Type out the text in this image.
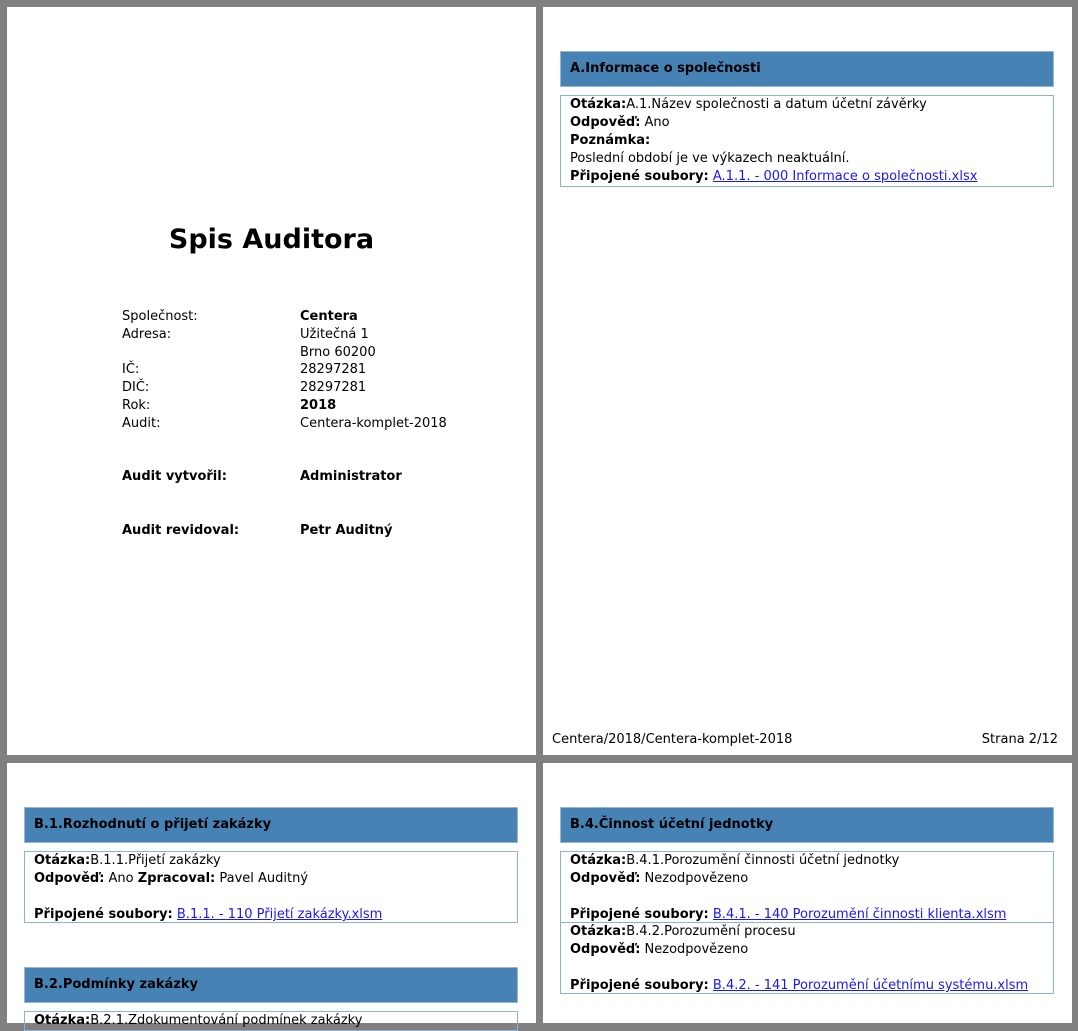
Spis Auditora
Společnost:	Centera
Adresa:	Užitečná 1
Brno 60200
IČ:	28297281
DIČ:	28297281
Rok:	2018
Audit:	Centera-komplet-2018
Audit vytvořil:	Administrator
Audit revidoval:	Petr Auditný
A.Informace o společnosti
Otázka:A.1.Název společnosti a datum účetní závěrky
Odpověď: Ano
Poznámka:
Poslední období je ve výkazech neaktuální.
Připojené soubory: A.1.1. - 000 Informace o společnosti.xlsx
Centera/2018/Centera-komplet-2018	Strana 2/12
B.1.Rozhodnutí o přijetí zakázky
Otázka:B.1.1.Přijetí zakázky
Odpověď: Ano Zpracoval: Pavel Auditný
Připojené soubory: B.1.1. - 110 Přijetí zakázky.xlsm
B.2.Podmínky zakázky
Otázka:B.2.1.Zdokumentování podmínek zakázky
B.4.Činnost účetní jednotky
Otázka:B.4.1.Porozumění činnosti účetní jednotky
Odpověď: Nezodpovězeno
Připojené soubory: B.4.1. - 140 Porozumění činnosti klienta.xlsm
Otázka:B.4.2.Porozumění procesu
Odpověď: Nezodpovězeno
Připojené soubory: B.4.2. - 141 Porozumění účetnímu systému.xlsm
